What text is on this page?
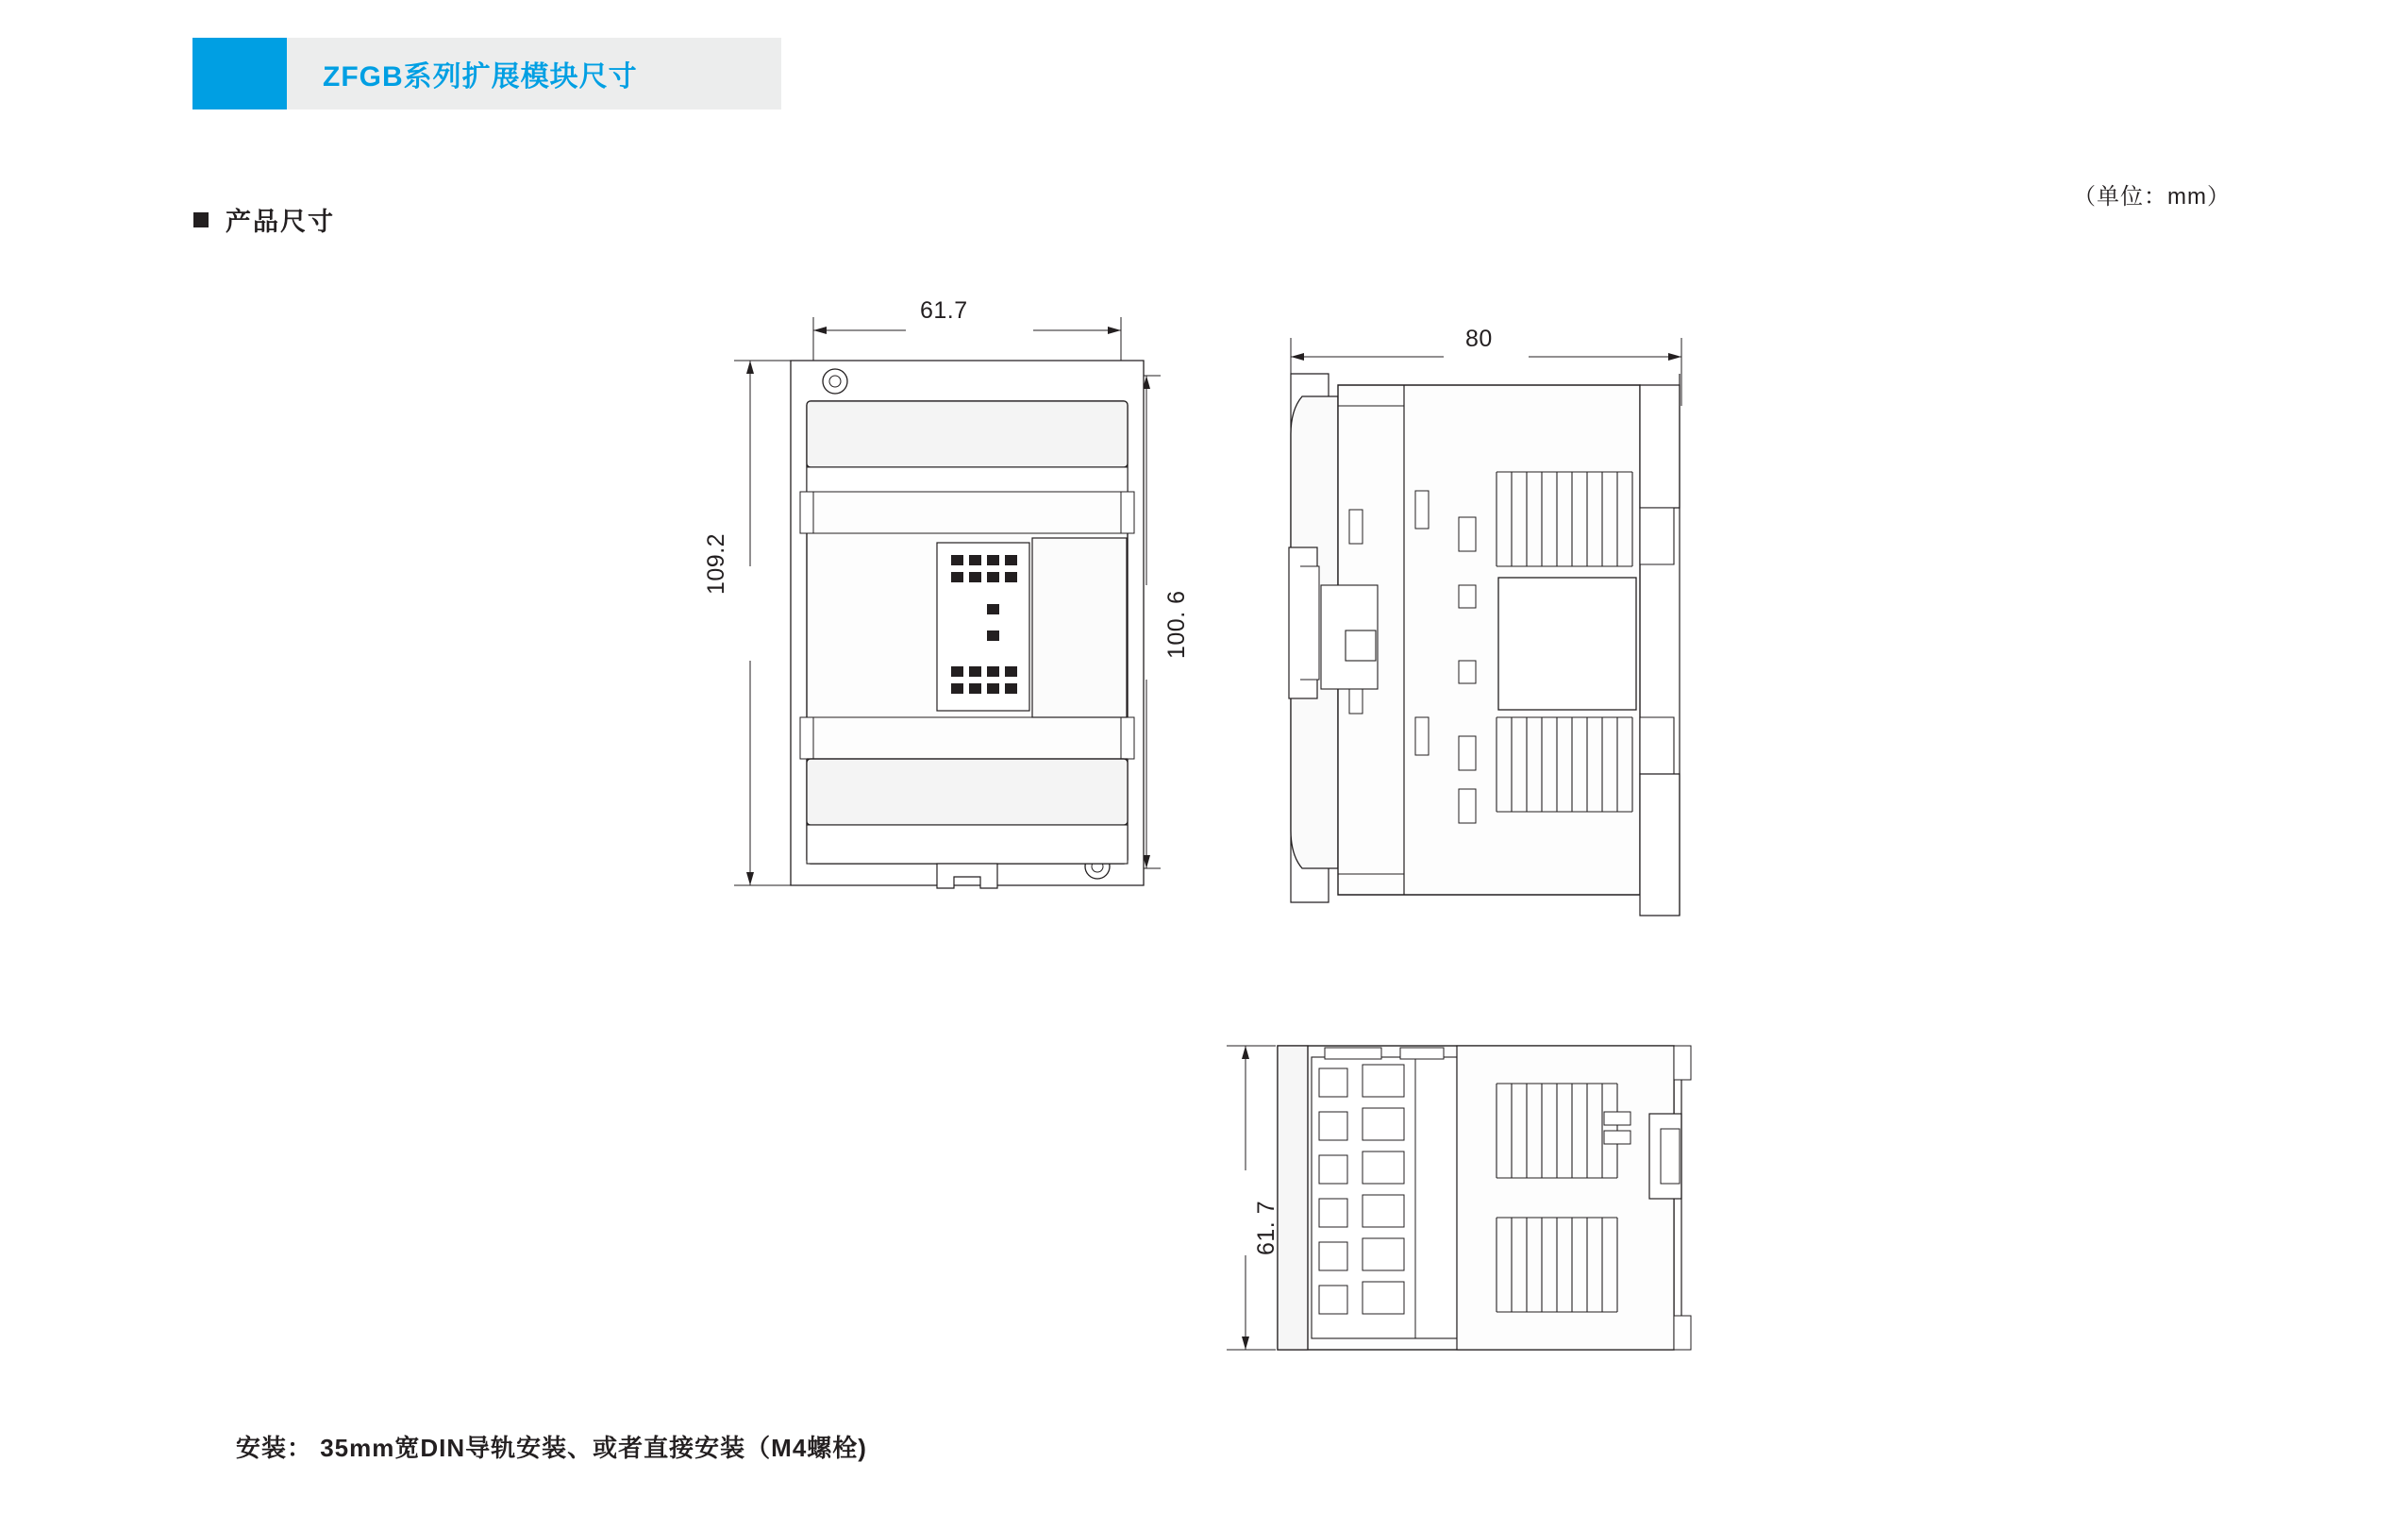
ZFGB系列扩展模块尺寸
（单位：mm）
产品尺寸
61.7
80
109.2
100. 6
61. 7
安装： 35mm宽DIN导轨安装、或者直接安装（M4螺栓)
